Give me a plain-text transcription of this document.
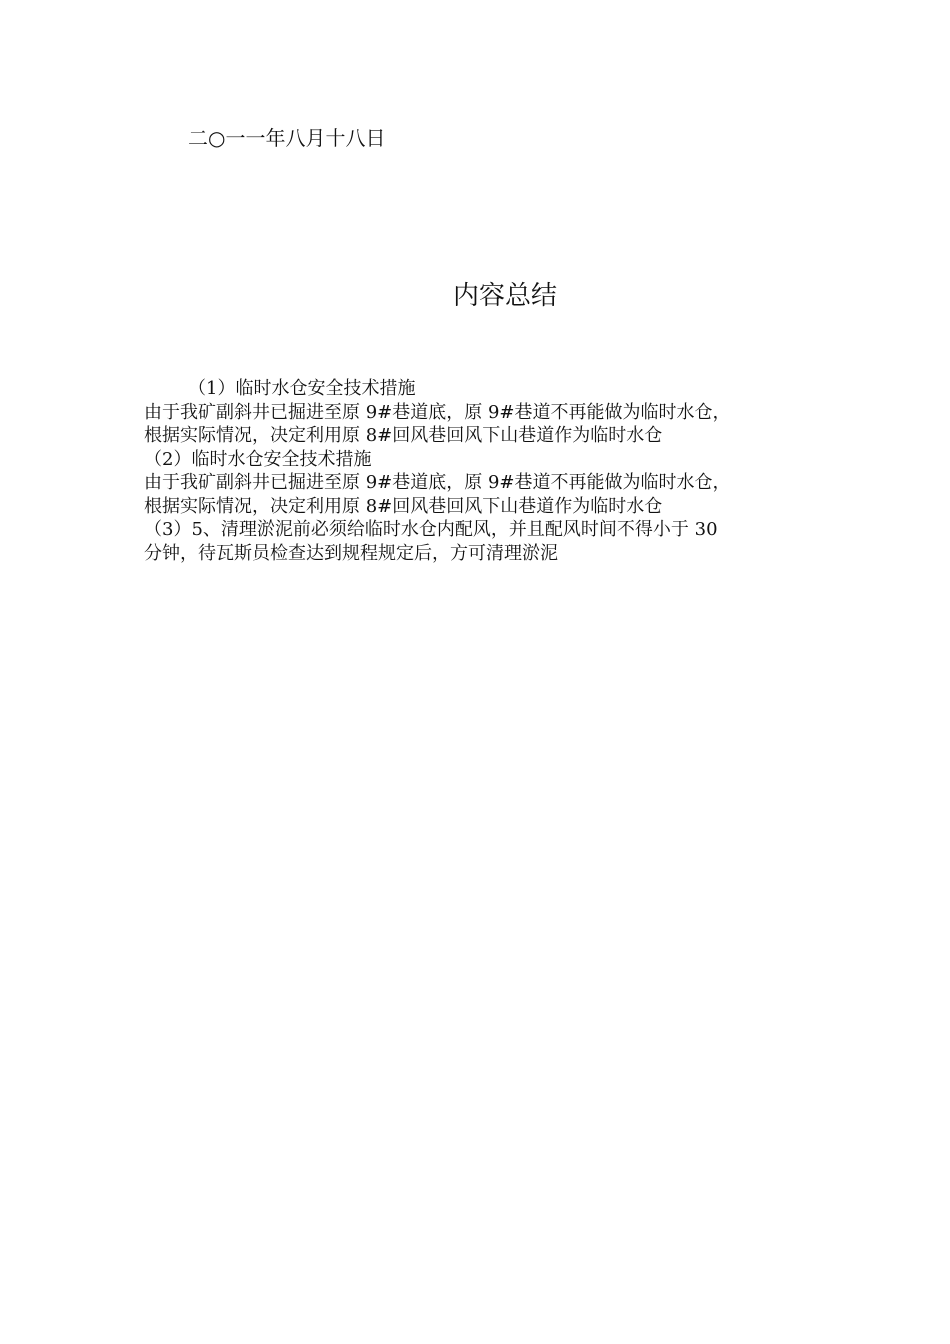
二○一一年八月十八日
内容总结

（1）临时水仓安全技术措施

由于我矿副斜井已掘进至原 9#巷道底，原 9#巷道不再能做为临时水仓，

根据实际情况，决定利用原 8#回风巷回风下山巷道作为临时水仓

（2）临时水仓安全技术措施

由于我矿副斜井已掘进至原 9#巷道底，原 9#巷道不再能做为临时水仓，

根据实际情况，决定利用原 8#回风巷回风下山巷道作为临时水仓

（3）5、清理淤泥前必须给临时水仓内配风，并且配风时间不得小于 30

分钟，待瓦斯员检查达到规程规定后，方可清理淤泥
